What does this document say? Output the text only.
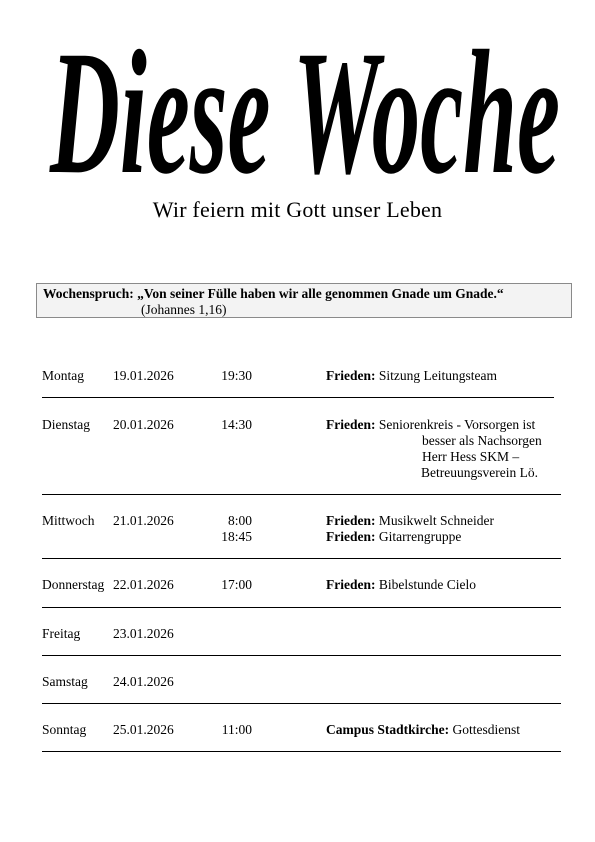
Diese Woche
Wir feiern mit Gott unser Leben
Wochenspruch: „Von seiner Fülle haben wir alle genommen Gnade um Gnade.“
(Johannes 1,16)
Montag 19.01.2026	19:30	Frieden: Sitzung Leitungsteam
Dienstag 20.01.2026	14:30	Frieden: Seniorenkreis - Vorsorgen ist
besser als Nachsorgen
Herr Hess SKM –
Betreuungsverein Lö.
Mittwoch 21.01.2026	8:00	Frieden: Musikwelt Schneider
18:45	Frieden: Gitarrengruppe
Donnerstag 22.01.2026	17:00	Frieden: Bibelstunde Cielo
Freitag 23.01.2026
Samstag 24.01.2026
Sonntag 25.01.2026	11:00	Campus Stadtkirche: Gottesdienst
